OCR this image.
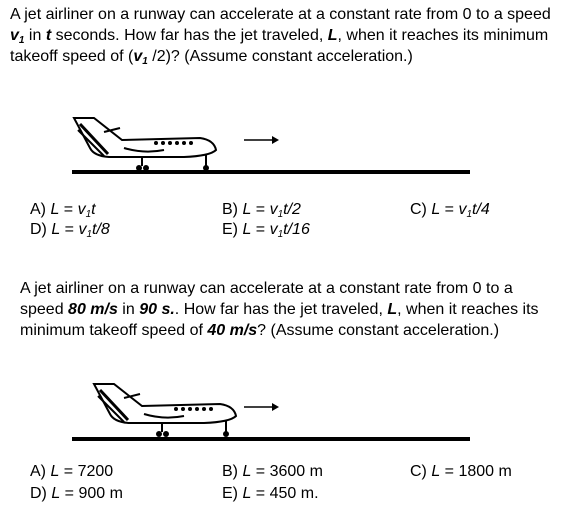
A jet airliner on a runway can accelerate at a constant rate from 0 to a speed $v_1$ in t seconds. How far has the jet traveled, L, when it reaches its minimum takeoff speed of ($v_1$ /2)? (Assume constant acceleration.)
A) $L = v_1t$	B) $L = v_1t/2$	C) $L = v_1t/4$
D) $L = v_1t/8$	E) $L = v_1t/16$
A jet airliner on a runway can accelerate at a constant rate from 0 to a speed 80 m/s in 90 s.. How far has the jet traveled, L, when it reaches its minimum takeoff speed of 40 m/s? (Assume constant acceleration.)
A) L = 7200	B) L = 3600 m	C) L = 1800 m
D) L = 900 m	E) L = 450 m.
